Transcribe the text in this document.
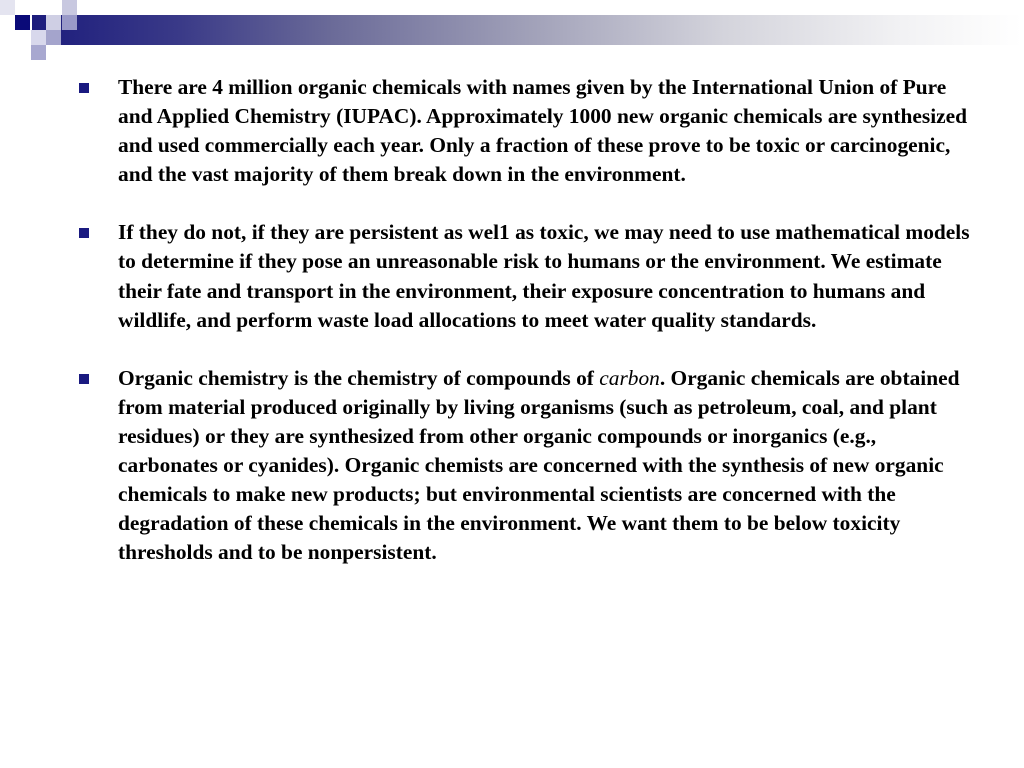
There are 4 million organic chemicals with names given by the International Union of Pure and Applied Chemistry (IUPAC). Approximately 1000 new organic chemicals are synthesized and used commercially each year. Only a fraction of these prove to be toxic or carcinogenic, and the vast majority of them break down in the environment.

If they do not, if they are persistent as wel1 as toxic, we may need to use mathematical models to determine if they pose an unreasonable risk to humans or the environment. We estimate their fate and transport in the environment, their exposure concentration to humans and wildlife, and perform waste load allocations to meet water quality standards.

Organic chemistry is the chemistry of compounds of carbon. Organic chemicals are obtained from material produced originally by living organisms (such as petroleum, coal, and plant residues) or they are synthesized from other organic compounds or inorganics (e.g., carbonates or cyanides). Organic chemists are concerned with the synthesis of new organic chemicals to make new products; but environmental scientists are concerned with the degradation of these chemicals in the environment. We want them to be below toxicity thresholds and to be nonpersistent.
